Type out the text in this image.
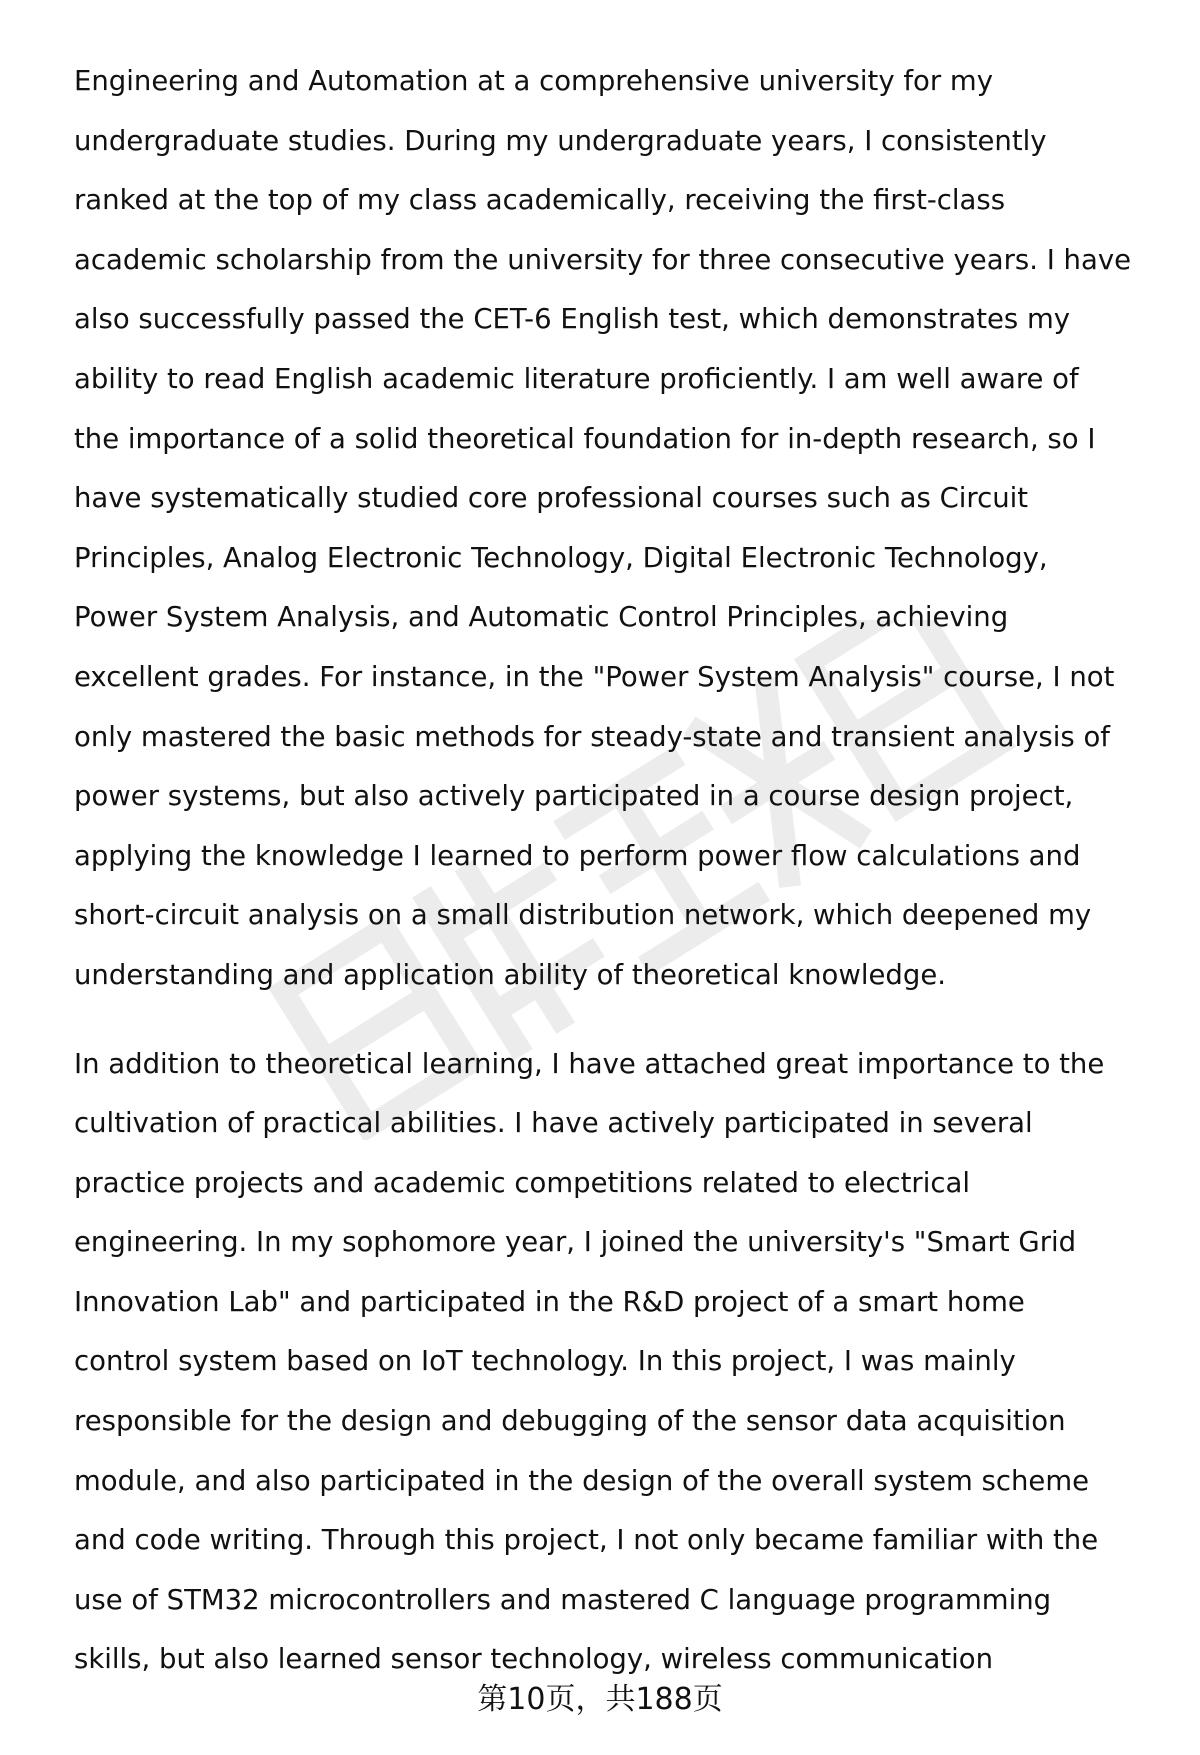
Engineering and Automation at a comprehensive university for my
undergraduate studies. During my undergraduate years, I consistently
ranked at the top of my class academically, receiving the first-class
academic scholarship from the university for three consecutive years. I have
also successfully passed the CET-6 English test, which demonstrates my
ability to read English academic literature proficiently. I am well aware of
the importance of a solid theoretical foundation for in-depth research, so I
have systematically studied core professional courses such as Circuit
Principles, Analog Electronic Technology, Digital Electronic Technology,
Power System Analysis, and Automatic Control Principles, achieving
excellent grades. For instance, in the "Power System Analysis" course, I not
only mastered the basic methods for steady-state and transient analysis of
power systems, but also actively participated in a course design project,
applying the knowledge I learned to perform power flow calculations and
short-circuit analysis on a small distribution network, which deepened my
understanding and application ability of theoretical knowledge.

In addition to theoretical learning, I have attached great importance to the
cultivation of practical abilities. I have actively participated in several
practice projects and academic competitions related to electrical
engineering. In my sophomore year, I joined the university's "Smart Grid
Innovation Lab" and participated in the R&D project of a smart home
control system based on IoT technology. In this project, I was mainly
responsible for the design and debugging of the sensor data acquisition
module, and also participated in the design of the overall system scheme
and code writing. Through this project, I not only became familiar with the
use of STM32 microcontrollers and mastered C language programming
skills, but also learned sensor technology, wireless communication

第10页，共188页
